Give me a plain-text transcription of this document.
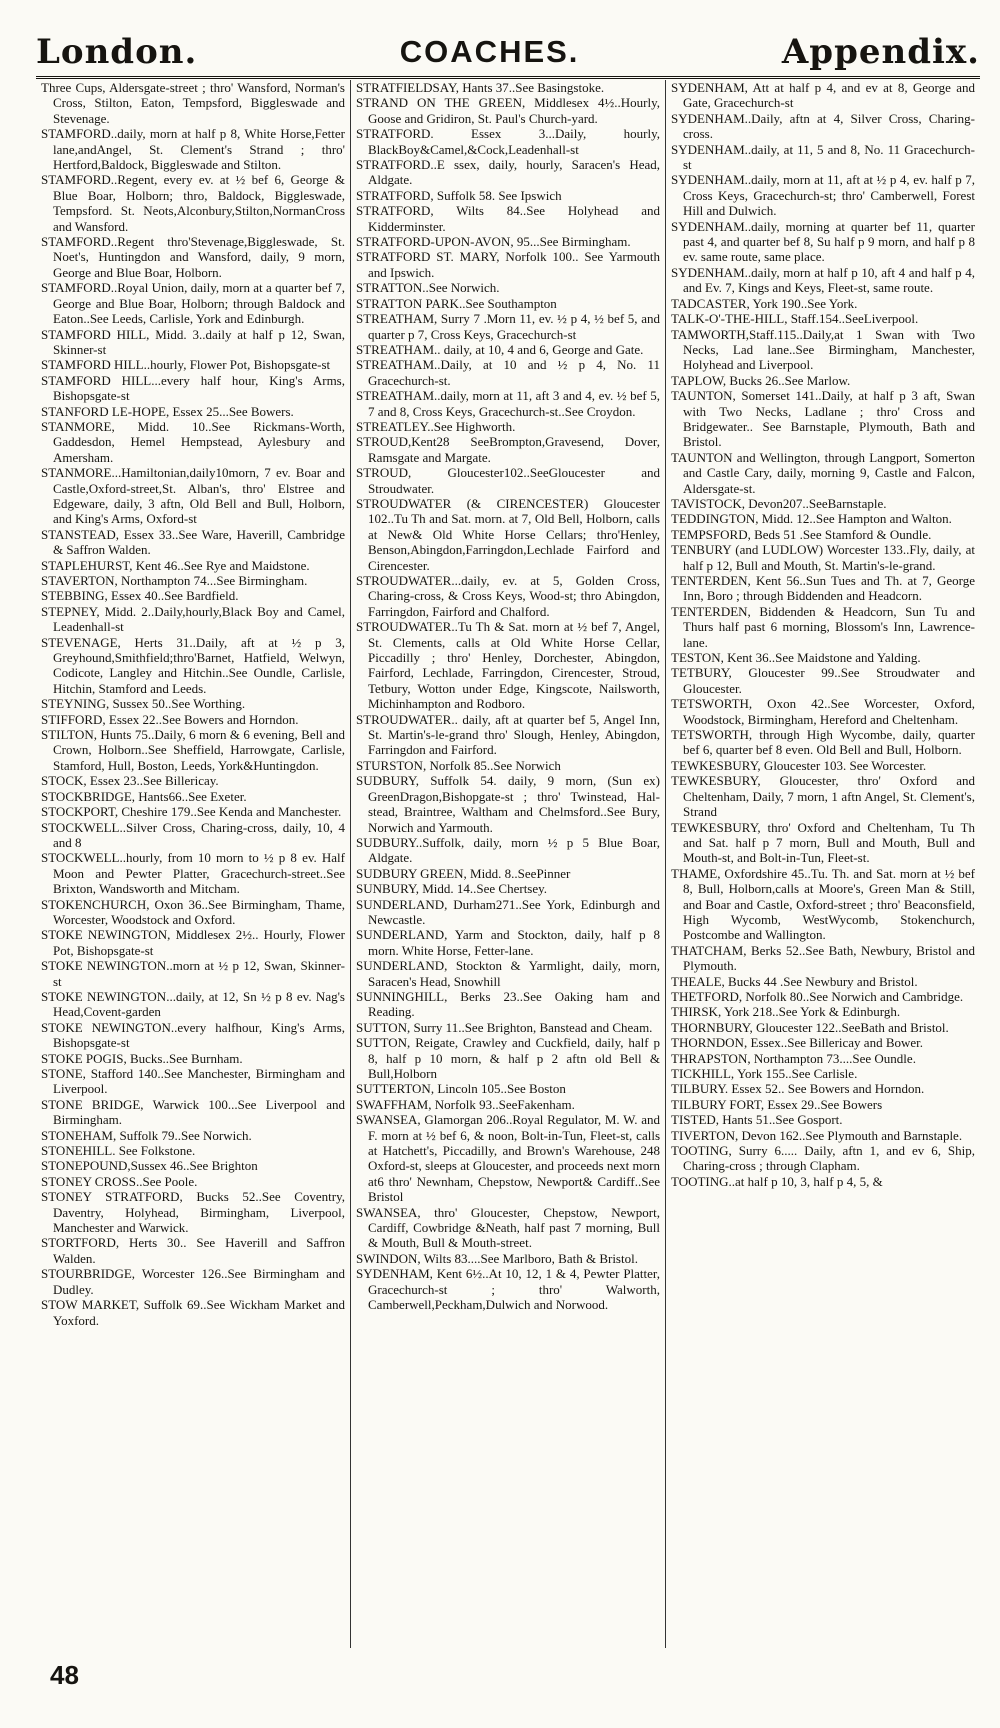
London.	COACHES.	Appendix.

Three Cups, Aldersgate-street ; thro' Wansford, Norman's Cross, Stilton, Eaton, Tempsford, Biggleswade and Stevenage.

STAMFORD..daily, morn at half p 8, White Horse,Fetter lane,andAngel, St. Clement's Strand ; thro' Hertford,Baldock, Biggleswade and Stilton.

STAMFORD..Regent, every ev. at ½ bef 6, George & Blue Boar, Holborn; thro, Baldock, Biggleswade, Tempsford. St. Neots,Alconbury,Stilton,NormanCross and Wansford.

STAMFORD..Regent thro'Stevenage,Biggleswade, St. Noet's, Huntingdon and Wansford, daily, 9 morn, George and Blue Boar, Holborn.

STAMFORD..Royal Union, daily, morn at a quarter bef 7, George and Blue Boar, Holborn; through Baldock and Eaton..See Leeds, Carlisle, York and Edinburgh.

STAMFORD HILL, Midd. 3..daily at half p 12, Swan, Skinner-st

STAMFORD HILL..hourly, Flower Pot, Bishopsgate-st

STAMFORD HILL...every half hour, King's Arms, Bishopsgate-st

STANFORD LE-HOPE, Essex 25...See Bowers.

STANMORE, Midd. 10..See Rickmans-Worth, Gaddesdon, Hemel Hempstead, Aylesbury and Amersham.

STANMORE...Hamiltonian,daily10morn, 7 ev. Boar and Castle,Oxford-street,St. Alban's, thro' Elstree and Edgeware, daily, 3 aftn, Old Bell and Bull, Holborn, and King's Arms, Oxford-st

STANSTEAD, Essex 33..See Ware, Haverill, Cambridge & Saffron Walden.

STAPLEHURST, Kent 46..See Rye and Maidstone.

STAVERTON, Northampton 74...See Birmingham.

STEBBING, Essex 40..See Bardfield.

STEPNEY, Midd. 2..Daily,hourly,Black Boy and Camel, Leadenhall-st

STEVENAGE, Herts 31..Daily, aft at ½ p 3, Greyhound,Smithfield;thro'Barnet, Hatfield, Welwyn, Codicote, Langley and Hitchin..See Oundle, Carlisle, Hitchin, Stamford and Leeds.

STEYNING, Sussex 50..See Worthing.

STIFFORD, Essex 22..See Bowers and Horndon.

STILTON, Hunts 75..Daily, 6 morn & 6 evening, Bell and Crown, Holborn..See Sheffield, Harrowgate, Carlisle, Stamford, Hull, Boston, Leeds, York&Huntingdon.

STOCK, Essex 23..See Billericay.

STOCKBRIDGE, Hants66..See Exeter.

STOCKPORT, Cheshire 179..See Kenda and Manchester.

STOCKWELL..Silver Cross, Charing-cross, daily, 10, 4 and 8

STOCKWELL..hourly, from 10 morn to ½ p 8 ev. Half Moon and Pewter Platter, Gracechurch-street..See Brixton, Wandsworth and Mitcham.

STOKENCHURCH, Oxon 36..See Birmingham, Thame, Worcester, Woodstock and Oxford.

STOKE NEWINGTON, Middlesex 2½.. Hourly, Flower Pot, Bishopsgate-st

STOKE NEWINGTON..morn at ½ p 12, Swan, Skinner-st

STOKE NEWINGTON...daily, at 12, Sn ½ p 8 ev. Nag's Head,Covent-garden

STOKE NEWINGTON..every halfhour, King's Arms, Bishopsgate-st

STOKE POGIS, Bucks..See Burnham.

STONE, Stafford 140..See Manchester, Birmingham and Liverpool.

STONE BRIDGE, Warwick 100...See Liverpool and Birmingham.

STONEHAM, Suffolk 79..See Norwich.

STONEHILL. See Folkstone.

STONEPOUND,Sussex 46..See Brighton

STONEY CROSS..See Poole.

STONEY STRATFORD, Bucks 52..See Coventry, Daventry, Holyhead, Birmingham, Liverpool, Manchester and Warwick.

STORTFORD, Herts 30.. See Haverill and Saffron Walden.

STOURBRIDGE, Worcester 126..See Birmingham and Dudley.

STOW MARKET, Suffolk 69..See Wickham Market and Yoxford.

STRATFIELDSAY, Hants 37..See Basingstoke.

STRAND ON THE GREEN, Middlesex 4½..Hourly, Goose and Gridiron, St. Paul's Church-yard.

STRATFORD. Essex 3...Daily, hourly, BlackBoy&Camel,&Cock,Leadenhall-st

STRATFORD..E ssex, daily, hourly, Saracen's Head, Aldgate.

STRATFORD, Suffolk 58. See Ipswich

STRATFORD, Wilts 84..See Holyhead and Kidderminster.

STRATFORD-UPON-AVON, 95...See Birmingham.

STRATFORD ST. MARY, Norfolk 100.. See Yarmouth and Ipswich.

STRATTON..See Norwich.

STRATTON PARK..See Southampton

STREATHAM, Surry 7 .Morn 11, ev. ½ p 4, ½ bef 5, and quarter p 7, Cross Keys, Gracechurch-st

STREATHAM.. daily, at 10, 4 and 6, George and Gate.

STREATHAM..Daily, at 10 and ½ p 4, No. 11 Gracechurch-st.

STREATHAM..daily, morn at 11, aft 3 and 4, ev. ½ bef 5, 7 and 8, Cross Keys, Gracechurch-st..See Croydon.

STREATLEY..See Highworth.

STROUD,Kent28 SeeBrompton,Gravesend, Dover, Ramsgate and Margate.

STROUD, Gloucester102..SeeGloucester and Stroudwater.

STROUDWATER (& CIRENCESTER) Gloucester 102..Tu Th and Sat. morn. at 7, Old Bell, Holborn, calls at New& Old White Horse Cellars; thro'Henley, Benson,Abingdon,Farringdon,Lechlade Fairford and Cirencester.

STROUDWATER...daily, ev. at 5, Golden Cross, Charing-cross, & Cross Keys, Wood-st; thro Abingdon, Farringdon, Fairford and Chalford.

STROUDWATER..Tu Th & Sat. morn at ½ bef 7, Angel, St. Clements, calls at Old White Horse Cellar, Piccadilly ; thro' Henley, Dorchester, Abingdon, Fairford, Lechlade, Farringdon, Cirencester, Stroud, Tetbury, Wotton under Edge, Kingscote, Nailsworth, Michinhampton and Rodboro.

STROUDWATER.. daily, aft at quarter bef 5, Angel Inn, St. Martin's-le-grand thro' Slough, Henley, Abingdon, Farringdon and Fairford.

STURSTON, Norfolk 85..See Norwich

SUDBURY, Suffolk 54. daily, 9 morn, (Sun ex) GreenDragon,Bishopgate-st ; thro' Twinstead, Hal-stead, Braintree, Waltham and Chelmsford..See Bury, Norwich and Yarmouth.

SUDBURY..Suffolk, daily, morn ½ p 5 Blue Boar, Aldgate.

SUDBURY GREEN, Midd. 8..SeePinner

SUNBURY, Midd. 14..See Chertsey.

SUNDERLAND, Durham271..See York, Edinburgh and Newcastle.

SUNDERLAND, Yarm and Stockton, daily, half p 8 morn. White Horse, Fetter-lane.

SUNDERLAND, Stockton & Yarmlight, daily, morn, Saracen's Head, Snowhill

SUNNINGHILL, Berks 23..See Oaking ham and Reading.

SUTTON, Surry 11..See Brighton, Banstead and Cheam.

SUTTON, Reigate, Crawley and Cuckfield, daily, half p 8, half p 10 morn, & half p 2 aftn old Bell & Bull,Holborn

SUTTERTON, Lincoln 105..See Boston

SWAFFHAM, Norfolk 93..SeeFakenham.

SWANSEA, Glamorgan 206..Royal Regulator, M. W. and F. morn at ½ bef 6, & noon, Bolt-in-Tun, Fleet-st, calls at Hatchett's, Piccadilly, and Brown's Warehouse, 248 Oxford-st, sleeps at Gloucester, and proceeds next morn at6 thro' Newnham, Chepstow, Newport& Cardiff..See Bristol

SWANSEA, thro' Gloucester, Chepstow, Newport, Cardiff, Cowbridge &Neath, half past 7 morning, Bull & Mouth, Bull & Mouth-street.

SWINDON, Wilts 83....See Marlboro, Bath & Bristol.

SYDENHAM, Kent 6½..At 10, 12, 1 & 4, Pewter Platter, Gracechurch-st ; thro' Walworth, Camberwell,Peckham,Dulwich and Norwood.

SYDENHAM, Att at half p 4, and ev at 8, George and Gate, Gracechurch-st

SYDENHAM..Daily, aftn at 4, Silver Cross, Charing-cross.

SYDENHAM..daily, at 11, 5 and 8, No. 11 Gracechurch-st

SYDENHAM..daily, morn at 11, aft at ½ p 4, ev. half p 7, Cross Keys, Gracechurch-st; thro' Camberwell, Forest Hill and Dulwich.

SYDENHAM..daily, morning at quarter bef 11, quarter past 4, and quarter bef 8, Su half p 9 morn, and half p 8 ev. same route, same place.

SYDENHAM..daily, morn at half p 10, aft 4 and half p 4, and Ev. 7, Kings and Keys, Fleet-st, same route.

TADCASTER, York 190..See York.

TALK-O'-THE-HILL, Staff.154..SeeLiverpool.

TAMWORTH,Staff.115..Daily,at 1 Swan with Two Necks, Lad lane..See Birmingham, Manchester, Holyhead and Liverpool.

TAPLOW, Bucks 26..See Marlow.

TAUNTON, Somerset 141..Daily, at half p 3 aft, Swan with Two Necks, Ladlane ; thro' Cross and Bridgewater.. See Barnstaple, Plymouth, Bath and Bristol.

TAUNTON and Wellington, through Langport, Somerton and Castle Cary, daily, morning 9, Castle and Falcon, Aldersgate-st.

TAVISTOCK, Devon207..SeeBarnstaple.

TEDDINGTON, Midd. 12..See Hampton and Walton.

TEMPSFORD, Beds 51 .See Stamford & Oundle.

TENBURY (and LUDLOW) Worcester 133..Fly, daily, at half p 12, Bull and Mouth, St. Martin's-le-grand.

TENTERDEN, Kent 56..Sun Tues and Th. at 7, George Inn, Boro ; through Biddenden and Headcorn.

TENTERDEN, Biddenden & Headcorn, Sun Tu and Thurs half past 6 morning, Blossom's Inn, Lawrence-lane.

TESTON, Kent 36..See Maidstone and Yalding.

TETBURY, Gloucester 99..See Stroudwater and Gloucester.

TETSWORTH, Oxon 42..See Worcester, Oxford, Woodstock, Birmingham, Hereford and Cheltenham.

TETSWORTH, through High Wycombe, daily, quarter bef 6, quarter bef 8 even. Old Bell and Bull, Holborn.

TEWKESBURY, Gloucester 103. See Worcester.

TEWKESBURY, Gloucester, thro' Oxford and Cheltenham, Daily, 7 morn, 1 aftn Angel, St. Clement's, Strand

TEWKESBURY, thro' Oxford and Cheltenham, Tu Th and Sat. half p 7 morn, Bull and Mouth, Bull and Mouth-st, and Bolt-in-Tun, Fleet-st.

THAME, Oxfordshire 45..Tu. Th. and Sat. morn at ½ bef 8, Bull, Holborn,calls at Moore's, Green Man & Still, and Boar and Castle, Oxford-street ; thro' Beaconsfield, High Wycomb, WestWycomb, Stokenchurch, Postcombe and Wallington.

THATCHAM, Berks 52..See Bath, Newbury, Bristol and Plymouth.

THEALE, Bucks 44 .See Newbury and Bristol.

THETFORD, Norfolk 80..See Norwich and Cambridge.

THIRSK, York 218..See York & Edinburgh.

THORNBURY, Gloucester 122..SeeBath and Bristol.

THORNDON, Essex..See Billericay and Bower.

THRAPSTON, Northampton 73....See Oundle.

TICKHILL, York 155..See Carlisle.

TILBURY. Essex 52.. See Bowers and Horndon.

TILBURY FORT, Essex 29..See Bowers

TISTED, Hants 51..See Gosport.

TIVERTON, Devon 162..See Plymouth and Barnstaple.

TOOTING, Surry 6..... Daily, aftn 1, and ev 6, Ship, Charing-cross ; through Clapham.

TOOTING..at half p 10, 3, half p 4, 5, &

48
